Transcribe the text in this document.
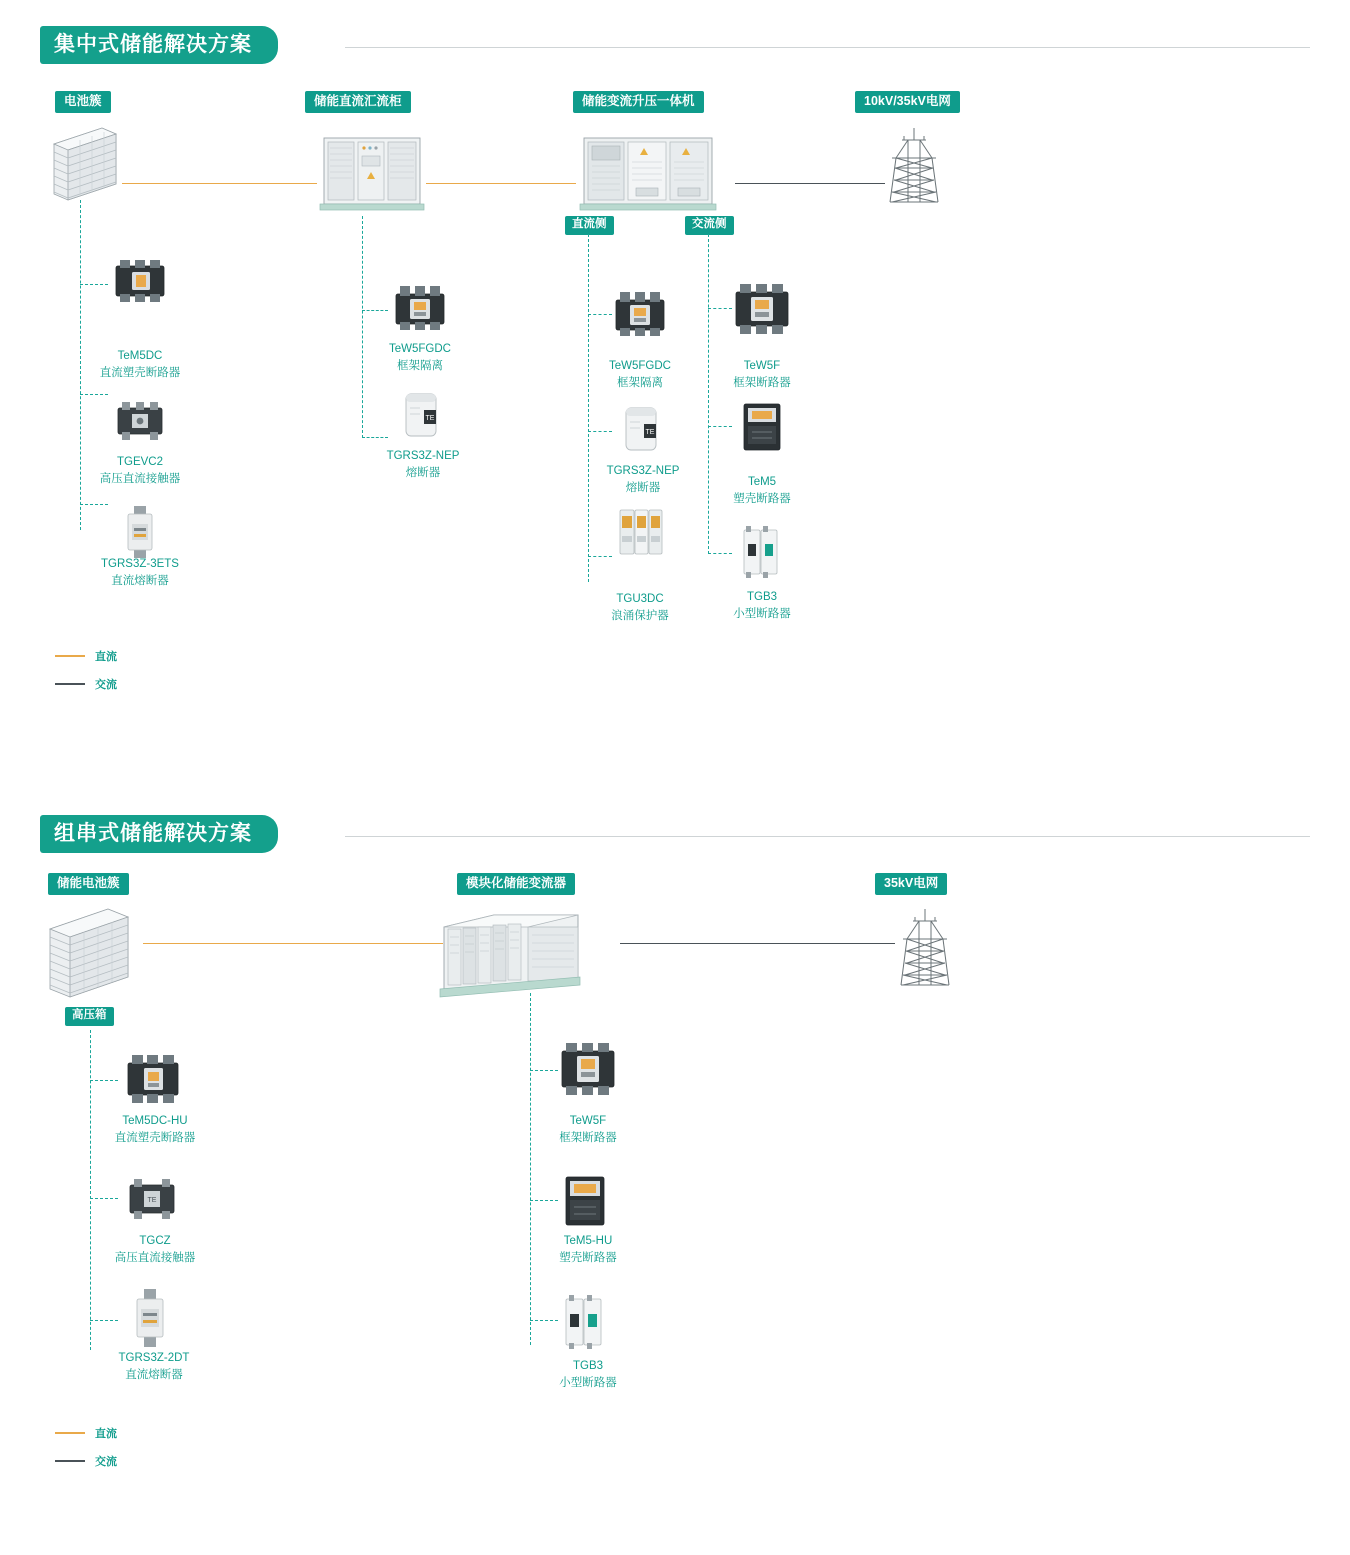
集中式储能解决方案
电池簇	储能直流汇流柜	储能变流升压一体机	10kV/35kV电网
直流侧	交流侧
TeM5DC
直流塑壳断路器
TGEVC2
高压直流接触器
TGRS3Z-3ETS
直流熔断器
TeW5FGDC
框架隔离
TE
TGRS3Z-NEP
熔断器
TeW5FGDC
框架隔离
TE
TGRS3Z-NEP
熔断器
TGU3DC
浪涌保护器
TeW5F
框架断路器
TeM5
塑壳断路器
TGB3
小型断路器
直流
交流
组串式储能解决方案
储能电池簇	模块化储能变流器	35kV电网
高压箱
TeM5DC-HU
直流塑壳断路器
TE
TGCZ
高压直流接触器
TGRS3Z-2DT
直流熔断器
TeW5F
框架断路器
TeM5-HU
塑壳断路器
TGB3
小型断路器
直流
交流
